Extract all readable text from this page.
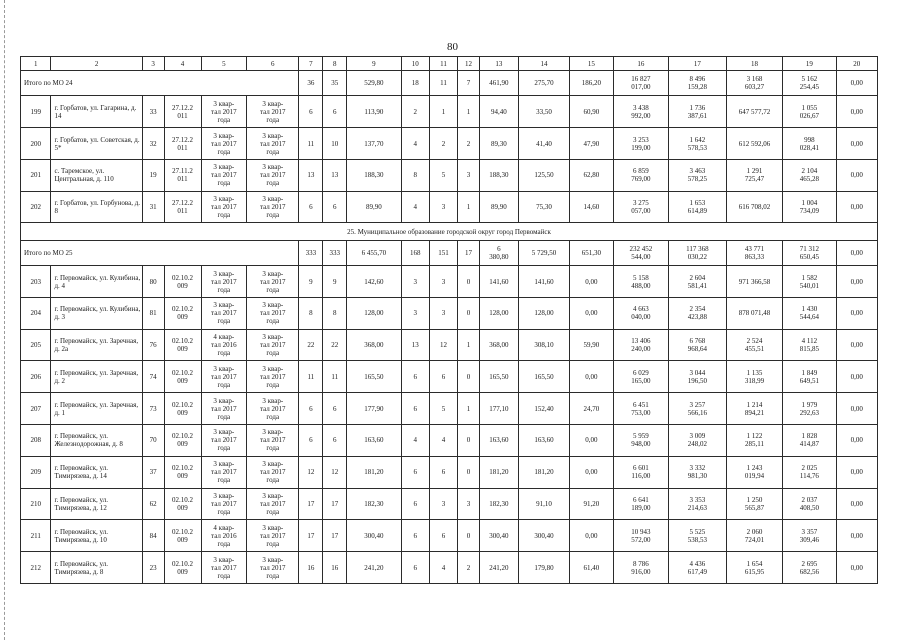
80
1	2	3	4	5	6	7	8	9	10	11	12	13	14	15	16	17	18	19	20
Итого по МО 24						36	35	529,80	18	11	7	461,90	275,70	186,20	16 827
017,00	8 496
159,28	3 168
603,27	5 162
254,45	0,00
199	г. Горбатов, ул. Гагарина, д. 14	33	27.12.2
011	3 квар-
тал 2017
года	3 квар-
тал 2017
года	6	6	113,90	2	1	1	94,40	33,50	60,90	3 438
992,00	1 736
387,61	647 577,72	1 055
026,67	0,00
200	г. Горбатов, ул. Советская, д. 5*	32	27.12.2
011	3 квар-
тал 2017
года	3 квар-
тал 2017
года	11	10	137,70	4	2	2	89,30	41,40	47,90	3 253
199,00	1 642
578,53	612 592,06	998
028,41	0,00
201	с. Таремское, ул. Центральная, д. 110	19	27.11.2
011	3 квар-
тал 2017
года	3 квар-
тал 2017
года	13	13	188,30	8	5	3	188,30	125,50	62,80	6 859
769,00	3 463
578,25	1 291
725,47	2 104
465,28	0,00
202	г. Горбатов, ул. Горбунова, д. 8	31	27.12.2
011	3 квар-
тал 2017
года	3 квар-
тал 2017
года	6	6	89,90	4	3	1	89,90	75,30	14,60	3 275
057,00	1 653
614,89	616 708,02	1 004
734,09	0,00
25. Муниципальное образование городской округ город Первомайск																			
Итого по МО 25						333	333	6 455,70	168	151	17	6
380,80	5 729,50	651,30	232 452
544,00	117 368
030,22	43 771
863,33	71 312
650,45	0,00
203	г. Первомайск, ул. Кулибина, д. 4	80	02.10.2
009	3 квар-
тал 2017
года	3 квар-
тал 2017
года	9	9	142,60	3	3	0	141,60	141,60	0,00	5 158
488,00	2 604
581,41	971 366,58	1 582
540,01	0,00
204	г. Первомайск, ул. Кулибина, д. 3	81	02.10.2
009	3 квар-
тал 2017
года	3 квар-
тал 2017
года	8	8	128,00	3	3	0	128,00	128,00	0,00	4 663
040,00	2 354
423,88	878 071,48	1 430
544,64	0,00
205	г. Первомайск, ул. Заречная, д. 2а	76	02.10.2
009	4 квар-
тал 2016
года	3 квар-
тал 2017
года	22	22	368,00	13	12	1	368,00	308,10	59,90	13 406
240,00	6 768
968,64	2 524
455,51	4 112
815,85	0,00
206	г. Первомайск, ул. Заречная, д. 2	74	02.10.2
009	3 квар-
тал 2017
года	3 квар-
тал 2017
года	11	11	165,50	6	6	0	165,50	165,50	0,00	6 029
165,00	3 044
196,50	1 135
318,99	1 849
649,51	0,00
207	г. Первомайск, ул. Заречная, д. 1	73	02.10.2
009	3 квар-
тал 2017
года	3 квар-
тал 2017
года	6	6	177,90	6	5	1	177,10	152,40	24,70	6 451
753,00	3 257
566,16	1 214
894,21	1 979
292,63	0,00
208	г. Первомайск, ул. Железнодорожная, д. 8	70	02.10.2
009	3 квар-
тал 2017
года	3 квар-
тал 2017
года	6	6	163,60	4	4	0	163,60	163,60	0,00	5 959
948,00	3 009
248,02	1 122
285,11	1 828
414,87	0,00
209	г. Первомайск, ул. Тимирязева, д. 14	37	02.10.2
009	3 квар-
тал 2017
года	3 квар-
тал 2017
года	12	12	181,20	6	6	0	181,20	181,20	0,00	6 601
116,00	3 332
981,30	1 243
019,94	2 025
114,76	0,00
210	г. Первомайск, ул. Тимирязева, д. 12	62	02.10.2
009	3 квар-
тал 2017
года	3 квар-
тал 2017
года	17	17	182,30	6	3	3	182,30	91,10	91,20	6 641
189,00	3 353
214,63	1 250
565,87	2 037
408,50	0,00
211	г. Первомайск, ул. Тимирязева, д. 10	84	02.10.2
009	4 квар-
тал 2016
года	3 квар-
тал 2017
года	17	17	300,40	6	6	0	300,40	300,40	0,00	10 943
572,00	5 525
538,53	2 060
724,01	3 357
309,46	0,00
212	г. Первомайск, ул. Тимирязева, д. 8	23	02.10.2
009	3 квар-
тал 2017
года	3 квар-
тал 2017
года	16	16	241,20	6	4	2	241,20	179,80	61,40	8 786
916,00	4 436
617,49	1 654
615,95	2 695
682,56	0,00
